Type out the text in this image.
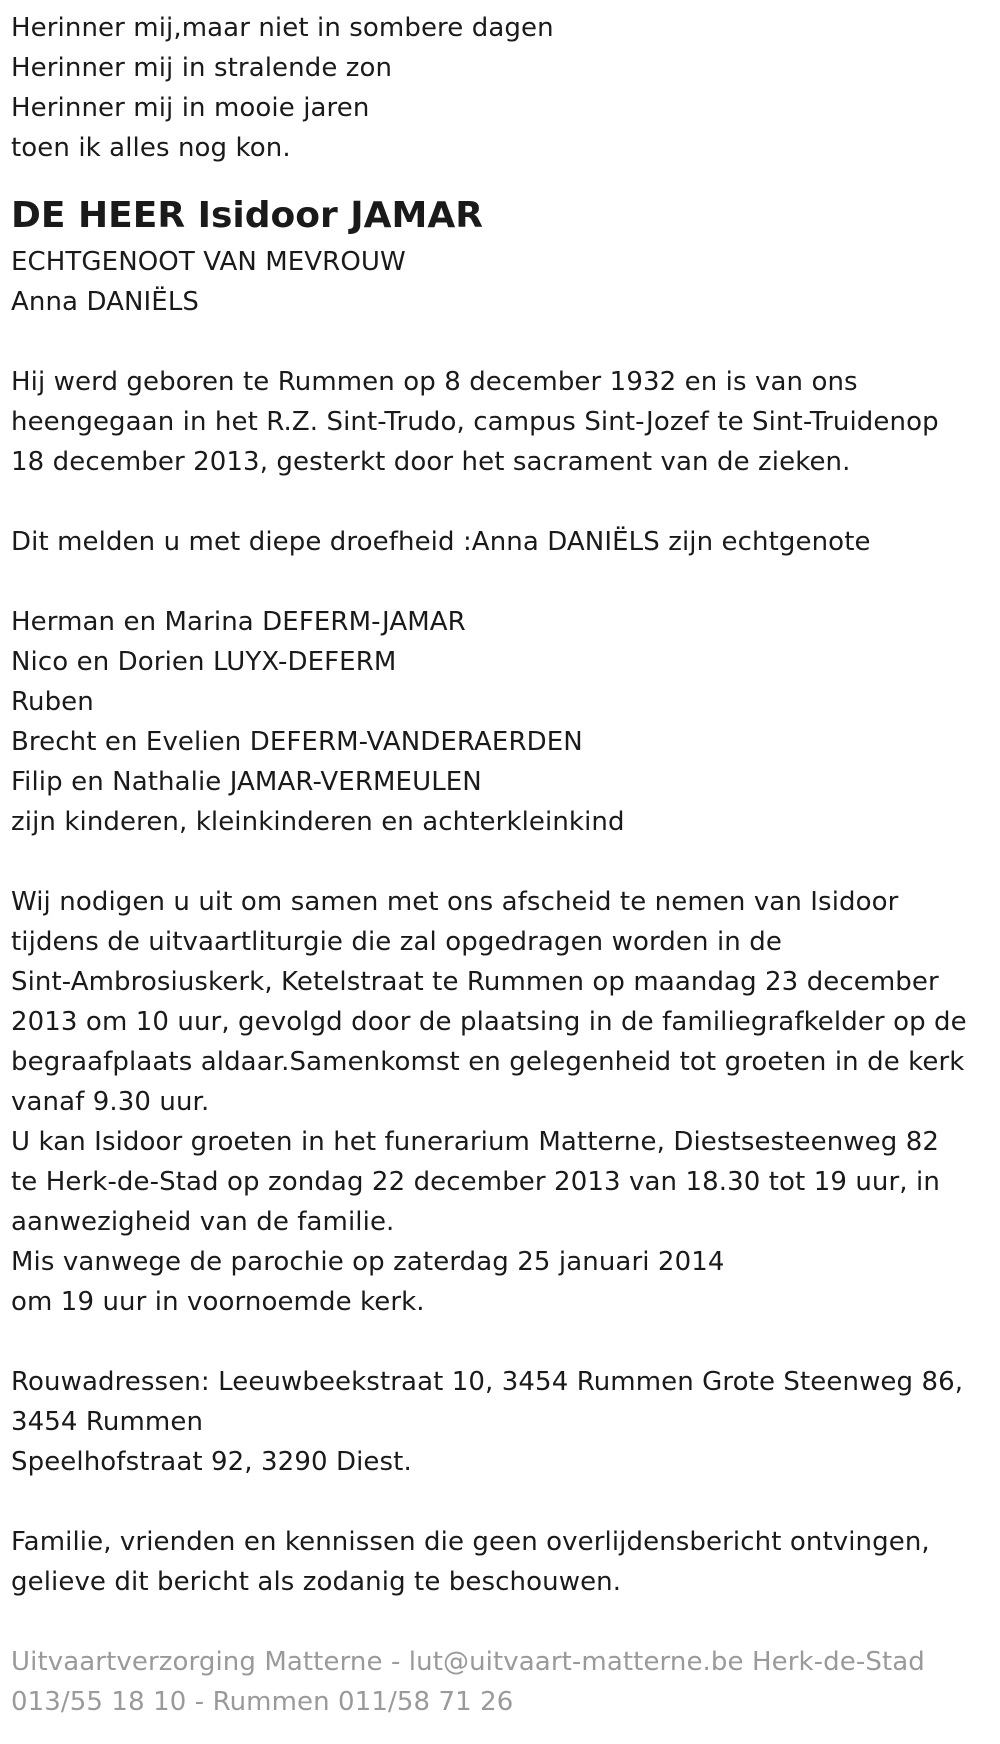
Herinner mij,maar niet in sombere dagen
Herinner mij in stralende zon
Herinner mij in mooie jaren
toen ik alles nog kon.
DE HEER Isidoor JAMAR
ECHTGENOOT VAN MEVROUW
Anna DANIËLS
Hij werd geboren te Rummen op 8 december 1932 en is van ons
heengegaan in het R.Z. Sint-Trudo, campus Sint-Jozef te Sint-Truidenop
18 december 2013, gesterkt door het sacrament van de zieken.
Dit melden u met diepe droefheid :Anna DANIËLS zijn echtgenote
Herman en Marina DEFERM-JAMAR
Nico en Dorien LUYX-DEFERM
Ruben
Brecht en Evelien DEFERM-VANDERAERDEN
Filip en Nathalie JAMAR-VERMEULEN
zijn kinderen, kleinkinderen en achterkleinkind
Wij nodigen u uit om samen met ons afscheid te nemen van Isidoor
tijdens de uitvaartliturgie die zal opgedragen worden in de
Sint-Ambrosiuskerk, Ketelstraat te Rummen op maandag 23 december
2013 om 10 uur, gevolgd door de plaatsing in de familiegrafkelder op de
begraafplaats aldaar.Samenkomst en gelegenheid tot groeten in de kerk
vanaf 9.30 uur.
U kan Isidoor groeten in het funerarium Matterne, Diestsesteenweg 82
te Herk-de-Stad op zondag 22 december 2013 van 18.30 tot 19 uur, in
aanwezigheid van de familie.
Mis vanwege de parochie op zaterdag 25 januari 2014
om 19 uur in voornoemde kerk.
Rouwadressen: Leeuwbeekstraat 10, 3454 Rummen Grote Steenweg 86,
3454 Rummen
Speelhofstraat 92, 3290 Diest.
Familie, vrienden en kennissen die geen overlijdensbericht ontvingen,
gelieve dit bericht als zodanig te beschouwen.
Uitvaartverzorging Matterne - lut@uitvaart-matterne.be Herk-de-Stad
013/55 18 10 - Rummen 011/58 71 26
